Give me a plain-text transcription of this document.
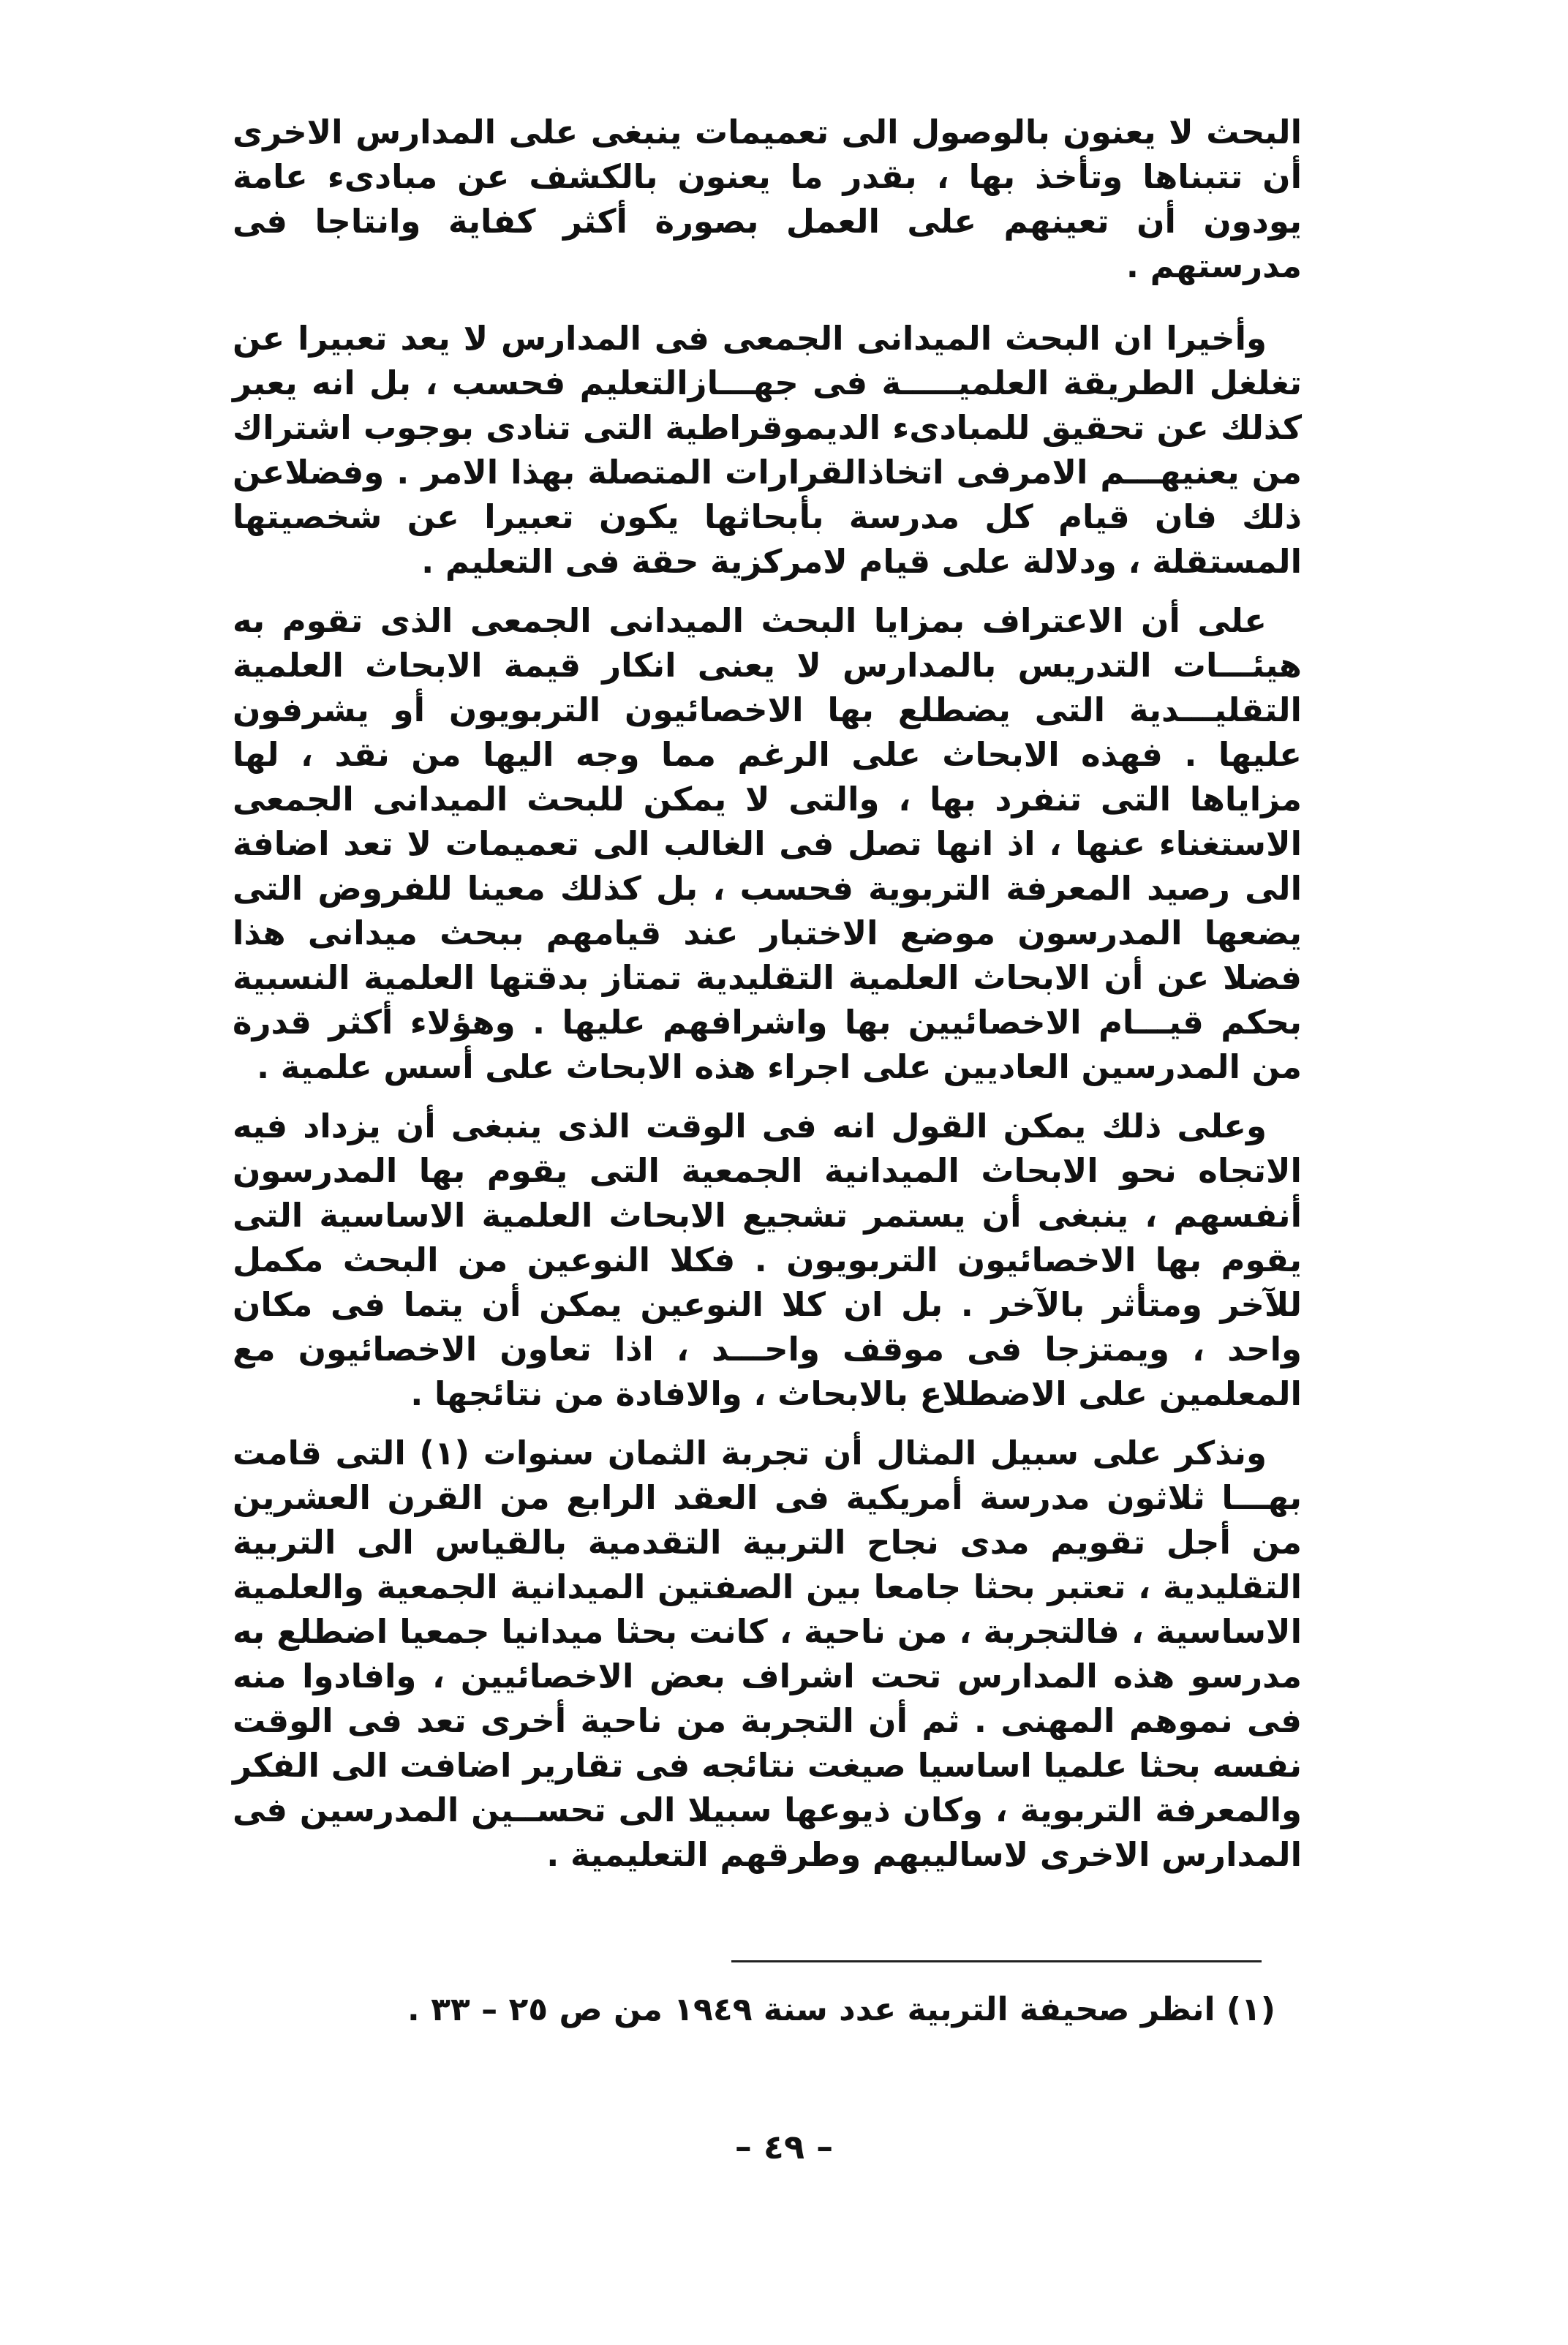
البحث لا يعنون بالوصول الى تعميمات ينبغى على المدارس الاخرى أن تتبناها وتأخذ بها ، بقدر ما يعنون بالكشف عن مبادىء عامة يودون أن تعينهم على العمل بصورة أكثر كفاية وانتاجا فى مدرستهم .

وأخيرا ان البحث الميدانى الجمعى فى المدارس لا يعد تعبيرا عن تغلغل الطريقة العلميـــــة فى جهـــازالتعليم فحسب ، بل انه يعبر كذلك عن تحقيق للمبادىء الديموقراطية التى تنادى بوجوب اشتراك من يعنيهـــم الامرفى اتخاذالقرارات المتصلة بهذا الامر . وفضلاعن ذلك فان قيام كل مدرسة بأبحاثها يكون تعبيرا عن شخصيتها المستقلة ، ودلالة على قيام لامركزية حقة فى التعليم .

على أن الاعتراف بمزايا البحث الميدانى الجمعى الذى تقوم به هيئـــات التدريس بالمدارس لا يعنى انكار قيمة الابحاث العلمية التقليـــدية التى يضطلع بها الاخصائيون التربويون أو يشرفون عليها . فهذه الابحاث على الرغم مما وجه اليها من نقد ، لها مزاياها التى تنفرد بها ، والتى لا يمكن للبحث الميدانى الجمعى الاستغناء عنها ، اذ انها تصل فى الغالب الى تعميمات لا تعد اضافة الى رصيد المعرفة التربوية فحسب ، بل كذلك معينا للفروض التى يضعها المدرسون موضع الاختبار عند قيامهم ببحث ميدانى هذا فضلا عن أن الابحاث العلمية التقليدية تمتاز بدقتها العلمية النسبية بحكم قيـــام الاخصائيين بها واشرافهم عليها . وهؤلاء أكثر قدرة من المدرسين العاديين على اجراء هذه الابحاث على أسس علمية .

وعلى ذلك يمكن القول انه فى الوقت الذى ينبغى أن يزداد فيه الاتجاه نحو الابحاث الميدانية الجمعية التى يقوم بها المدرسون أنفسهم ، ينبغى أن يستمر تشجيع الابحاث العلمية الاساسية التى يقوم بها الاخصائيون التربويون . فكلا النوعين من البحث مكمل للآخر ومتأثر بالآخر . بل ان كلا النوعين يمكن أن يتما فى مكان واحد ، ويمتزجا فى موقف واحـــد ، اذا تعاون الاخصائيون مع المعلمين على الاضطلاع بالابحاث ، والافادة من نتائجها .

ونذكر على سبيل المثال أن تجربة الثمان سنوات (١) التى قامت بهـــا ثلاثون مدرسة أمريكية فى العقد الرابع من القرن العشرين من أجل تقويم مدى نجاح التربية التقدمية بالقياس الى التربية التقليدية ، تعتبر بحثا جامعا بين الصفتين الميدانية الجمعية والعلمية الاساسية ، فالتجربة ، من ناحية ، كانت بحثا ميدانيا جمعيا اضطلع به مدرسو هذه المدارس تحت اشراف بعض الاخصائيين ، وافادوا منه فى نموهم المهنى . ثم أن التجربة من ناحية أخرى تعد فى الوقت نفسه بحثا علميا اساسيا صيغت نتائجه فى تقارير اضافت الى الفكر والمعرفة التربوية ، وكان ذيوعها سبيلا الى تحســين المدرسين فى المدارس الاخرى لاساليبهم وطرقهم التعليمية .

(١) انظر صحيفة التربية عدد سنة ١٩٤٩ من ص ٢٥ – ٣٣ .
– ٤٩ –
